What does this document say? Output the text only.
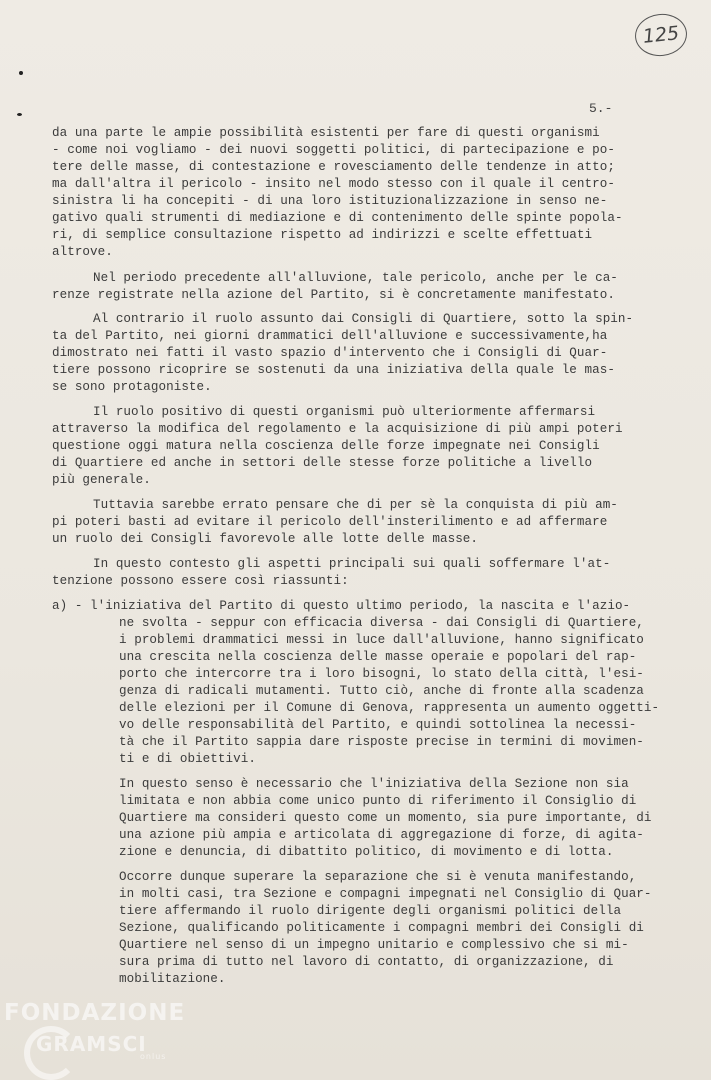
125
5.-

da una parte le ampie possibilità esistenti per fare di questi organismi

- come noi vogliamo - dei nuovi soggetti politici, di partecipazione e po-

tere delle masse, di contestazione e rovesciamento delle tendenze in atto;

ma dall'altra il pericolo - insito nel modo stesso con il quale il centro-

sinistra li ha concepiti - di una loro istituzionalizzazione in senso ne-

gativo quali strumenti di mediazione e di contenimento delle spinte popola-

ri, di semplice consultazione rispetto ad indirizzi e scelte effettuati

altrove.

Nel periodo precedente all'alluvione, tale pericolo, anche per le ca-

renze registrate nella azione del Partito, si è concretamente manifestato.

Al contrario il ruolo assunto dai Consigli di Quartiere, sotto la spin-

ta del Partito, nei giorni drammatici dell'alluvione e successivamente,ha

dimostrato nei fatti il vasto spazio d'intervento che i Consigli di Quar-

tiere possono ricoprire se sostenuti da una iniziativa della quale le mas-

se sono protagoniste.

Il ruolo positivo di questi organismi può ulteriormente affermarsi

attraverso la modifica del regolamento e la acquisizione di più ampi poteri

questione oggi matura nella coscienza delle forze impegnate nei Consigli

di Quartiere ed anche in settori delle stesse forze politiche a livello

più generale.

Tuttavia sarebbe errato pensare che di per sè la conquista di più am-

pi poteri basti ad evitare il pericolo dell'insterilimento e ad affermare

un ruolo dei Consigli favorevole alle lotte delle masse.

In questo contesto gli aspetti principali sui quali soffermare l'at-

tenzione possono essere così riassunti:

a) - l'iniziativa del Partito di questo ultimo periodo, la nascita e l'azio-

ne svolta - seppur con efficacia diversa - dai Consigli di Quartiere,

i problemi drammatici messi in luce dall'alluvione, hanno significato

una crescita nella coscienza delle masse operaie e popolari del rap-

porto che intercorre tra i loro bisogni, lo stato della città, l'esi-

genza di radicali mutamenti. Tutto ciò, anche di fronte alla scadenza

delle elezioni per il Comune di Genova, rappresenta un aumento oggetti-

vo delle responsabilità del Partito, e quindi sottolinea la necessi-

tà che il Partito sappia dare risposte precise in termini di movimen-

ti e di obiettivi.

In questo senso è necessario che l'iniziativa della Sezione non sia

limitata e non abbia come unico punto di riferimento il Consiglio di

Quartiere ma consideri questo come un momento, sia pure importante, di

una azione più ampia e articolata di aggregazione di forze, di agita-

zione e denuncia, di dibattito politico, di movimento e di lotta.

Occorre dunque superare la separazione che si è venuta manifestando,

in molti casi, tra Sezione e compagni impegnati nel Consiglio di Quar-

tiere affermando il ruolo dirigente degli organismi politici della

Sezione, qualificando politicamente i compagni membri dei Consigli di

Quartiere nel senso di un impegno unitario e complessivo che si mi-

sura prima di tutto nel lavoro di contatto, di organizzazione, di

mobilitazione.

FONDAZIONE
GRAMSCI
onlus
